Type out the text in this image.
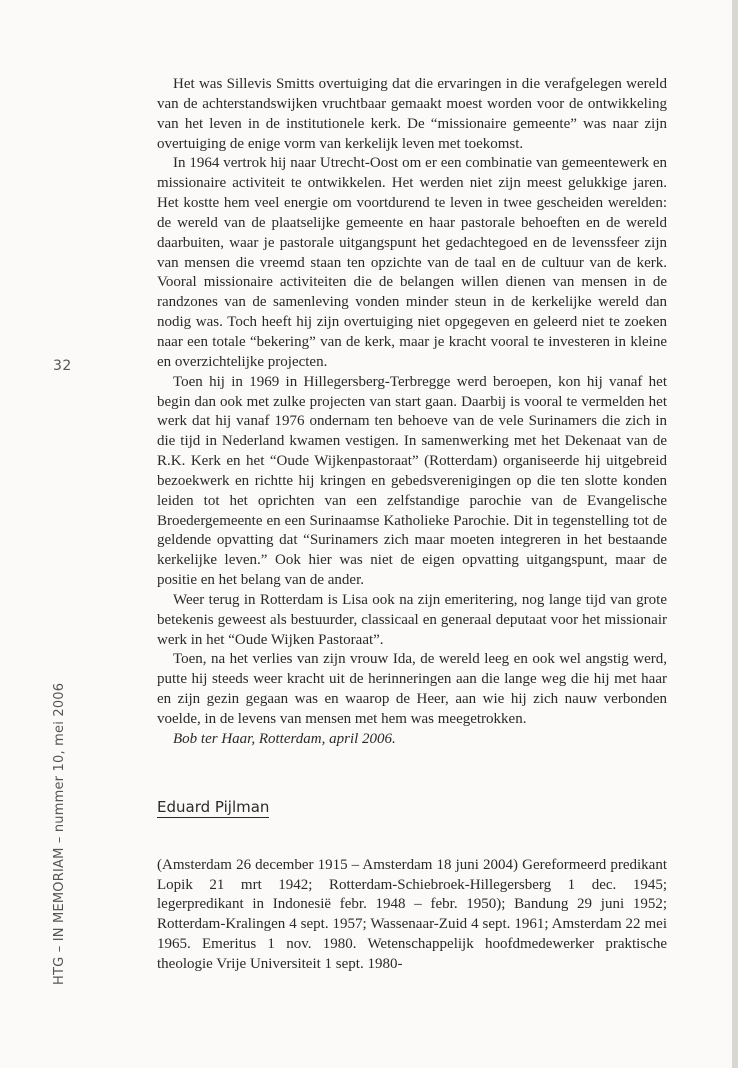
32
HTG – IN MEMORIAM – nummer 10, mei 2006

Het was Sillevis Smitts overtuiging dat die ervaringen in die verafgelegen wereld van de achterstandswijken vruchtbaar gemaakt moest worden voor de ontwikkeling van het leven in de institutionele kerk. De “missionaire gemeente” was naar zijn overtuiging de enige vorm van kerkelijk leven met toekomst.

In 1964 vertrok hij naar Utrecht-Oost om er een combinatie van gemeentewerk en missionaire activiteit te ontwikkelen. Het werden niet zijn meest gelukkige jaren. Het kostte hem veel energie om voortdurend te leven in twee gescheiden werelden: de wereld van de plaatselijke gemeente en haar pastorale behoeften en de wereld daarbuiten, waar je pastorale uitgangspunt het gedachtegoed en de levenssfeer zijn van mensen die vreemd staan ten opzichte van de taal en de cultuur van de kerk. Vooral missionaire activiteiten die de belangen willen dienen van mensen in de randzones van de samenleving vonden minder steun in de kerkelijke wereld dan nodig was. Toch heeft hij zijn overtuiging niet opgegeven en geleerd niet te zoeken naar een totale “bekering” van de kerk, maar je kracht vooral te investeren in kleine en overzichtelijke projecten.

Toen hij in 1969 in Hillegersberg-Terbregge werd beroepen, kon hij vanaf het begin dan ook met zulke projecten van start gaan. Daarbij is vooral te vermelden het werk dat hij vanaf 1976 ondernam ten behoeve van de vele Surinamers die zich in die tijd in Nederland kwamen vestigen. In samenwerking met het Dekenaat van de R.K. Kerk en het “Oude Wijkenpastoraat” (Rotterdam) organiseerde hij uitgebreid bezoekwerk en richtte hij kringen en gebedsverenigingen op die ten slotte konden leiden tot het oprichten van een zelfstandige parochie van de Evangelische Broedergemeente en een Surinaamse Katholieke Parochie. Dit in tegenstelling tot de geldende opvatting dat “Surinamers zich maar moeten integreren in het bestaande kerkelijke leven.” Ook hier was niet de eigen opvatting uitgangspunt, maar de positie en het belang van de ander.

Weer terug in Rotterdam is Lisa ook na zijn emeritering, nog lange tijd van grote betekenis geweest als bestuurder, classicaal en generaal deputaat voor het missionair werk in het “Oude Wijken Pastoraat”.

Toen, na het verlies van zijn vrouw Ida, de wereld leeg en ook wel angstig werd, putte hij steeds weer kracht uit de herinneringen aan die lange weg die hij met haar en zijn gezin gegaan was en waarop de Heer, aan wie hij zich nauw verbonden voelde, in de levens van mensen met hem was meegetrokken.

Bob ter Haar, Rotterdam, april 2006.

Eduard Pijlman

(Amsterdam 26 december 1915 – Amsterdam 18 juni 2004) Gereformeerd predikant Lopik 21 mrt 1942; Rotterdam-Schiebroek-Hillegersberg 1 dec. 1945; legerpredikant in Indonesië febr. 1948 – febr. 1950); Bandung 29 juni 1952; Rotterdam-Kralingen 4 sept. 1957; Wassenaar-Zuid 4 sept. 1961; Amsterdam 22 mei 1965. Emeritus 1 nov. 1980. Wetenschappelijk hoofdmedewerker praktische theologie Vrije Universiteit 1 sept. 1980-
